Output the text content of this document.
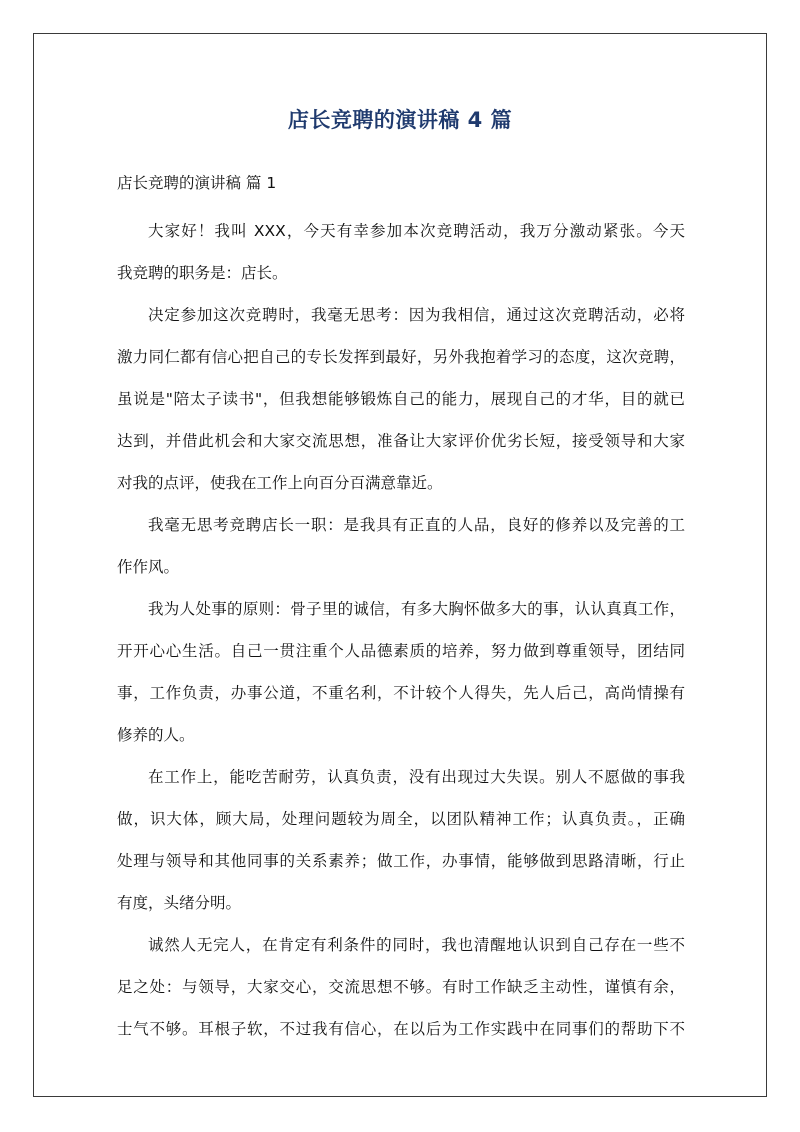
店长竞聘的演讲稿 4 篇
店长竞聘的演讲稿 篇 1
大家好！我叫 XXX，今天有幸参加本次竞聘活动，我万分激动紧张。今天
我竞聘的职务是：店长。
决定参加这次竞聘时，我毫无思考：因为我相信，通过这次竞聘活动，必将
激力同仁都有信心把自己的专长发挥到最好，另外我抱着学习的态度，这次竞聘，
虽说是"陪太子读书"，但我想能够锻炼自己的能力，展现自己的才华，目的就已
达到，并借此机会和大家交流思想，准备让大家评价优劣长短，接受领导和大家
对我的点评，使我在工作上向百分百满意靠近。
我毫无思考竞聘店长一职：是我具有正直的人品，良好的修养以及完善的工
作作风。
我为人处事的原则：骨子里的诚信，有多大胸怀做多大的事，认认真真工作，
开开心心生活。自己一贯注重个人品德素质的培养，努力做到尊重领导，团结同
事，工作负责，办事公道，不重名利，不计较个人得失，先人后己，高尚情操有
修养的人。
在工作上，能吃苦耐劳，认真负责，没有出现过大失误。别人不愿做的事我
做，识大体，顾大局，处理问题较为周全，以团队精神工作；认真负责。，正确
处理与领导和其他同事的关系素养；做工作，办事情，能够做到思路清晰，行止
有度，头绪分明。
诚然人无完人，在肯定有利条件的同时，我也清醒地认识到自己存在一些不
足之处：与领导，大家交心，交流思想不够。有时工作缺乏主动性，谨慎有余，
士气不够。耳根子软，不过我有信心，在以后为工作实践中在同事们的帮助下不
